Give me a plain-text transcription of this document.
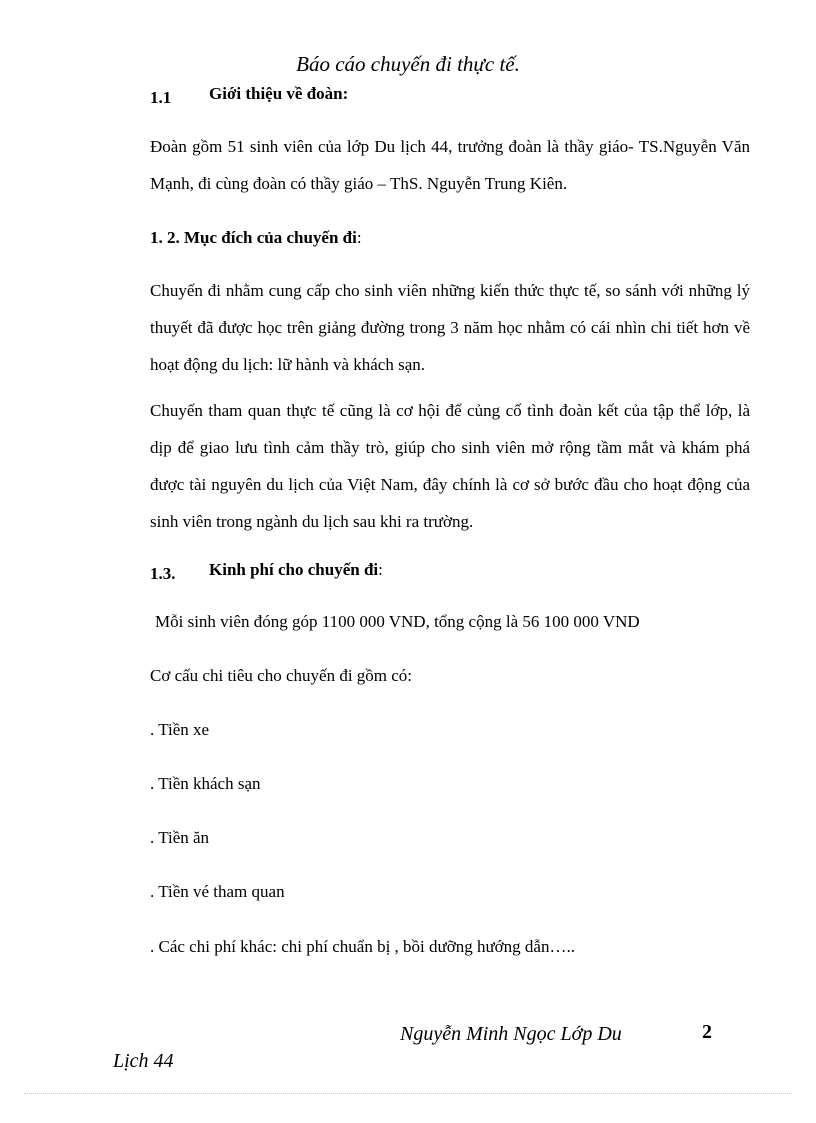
Báo cáo chuyến đi thực tế.
1.1 Giới thiệu về đoàn:
Đoàn gồm 51 sinh viên của lớp Du lịch 44, trưởng đoàn là thầy giáo- TS.Nguyễn Văn Mạnh, đi cùng đoàn có thầy giáo – ThS. Nguyễn Trung Kiên.
1. 2. Mục đích của chuyến đi:
Chuyến đi nhằm cung cấp cho sinh viên những kiến thức thực tế, so sánh với những lý thuyết đã được học trên giảng đường trong 3 năm học nhằm có cái nhìn chi tiết hơn về hoạt động du lịch: lữ hành và khách sạn.
Chuyến tham quan thực tế cũng là cơ hội để củng cố tình đoàn kết của tập thể lớp, là dịp để giao lưu tình cảm thầy trò, giúp cho sinh viên mở rộng tầm mắt và khám phá được tài nguyên du lịch của Việt Nam, đây chính là cơ sở bước đầu cho hoạt động của sinh viên trong ngành du lịch sau khi ra trường.
1.3. Kinh phí cho chuyến đi:
Mỗi sinh viên đóng góp 1100 000 VND, tổng cộng là 56 100 000 VND
Cơ cấu chi tiêu cho chuyến đi gồm có:
. Tiền xe
. Tiền khách sạn
. Tiền ăn
. Tiền vé tham quan
. Các chi phí khác: chi phí chuẩn bị , bồi dưỡng hướng dẫn…..
Nguyễn Minh Ngọc Lớp Du	2
Lịch 44
